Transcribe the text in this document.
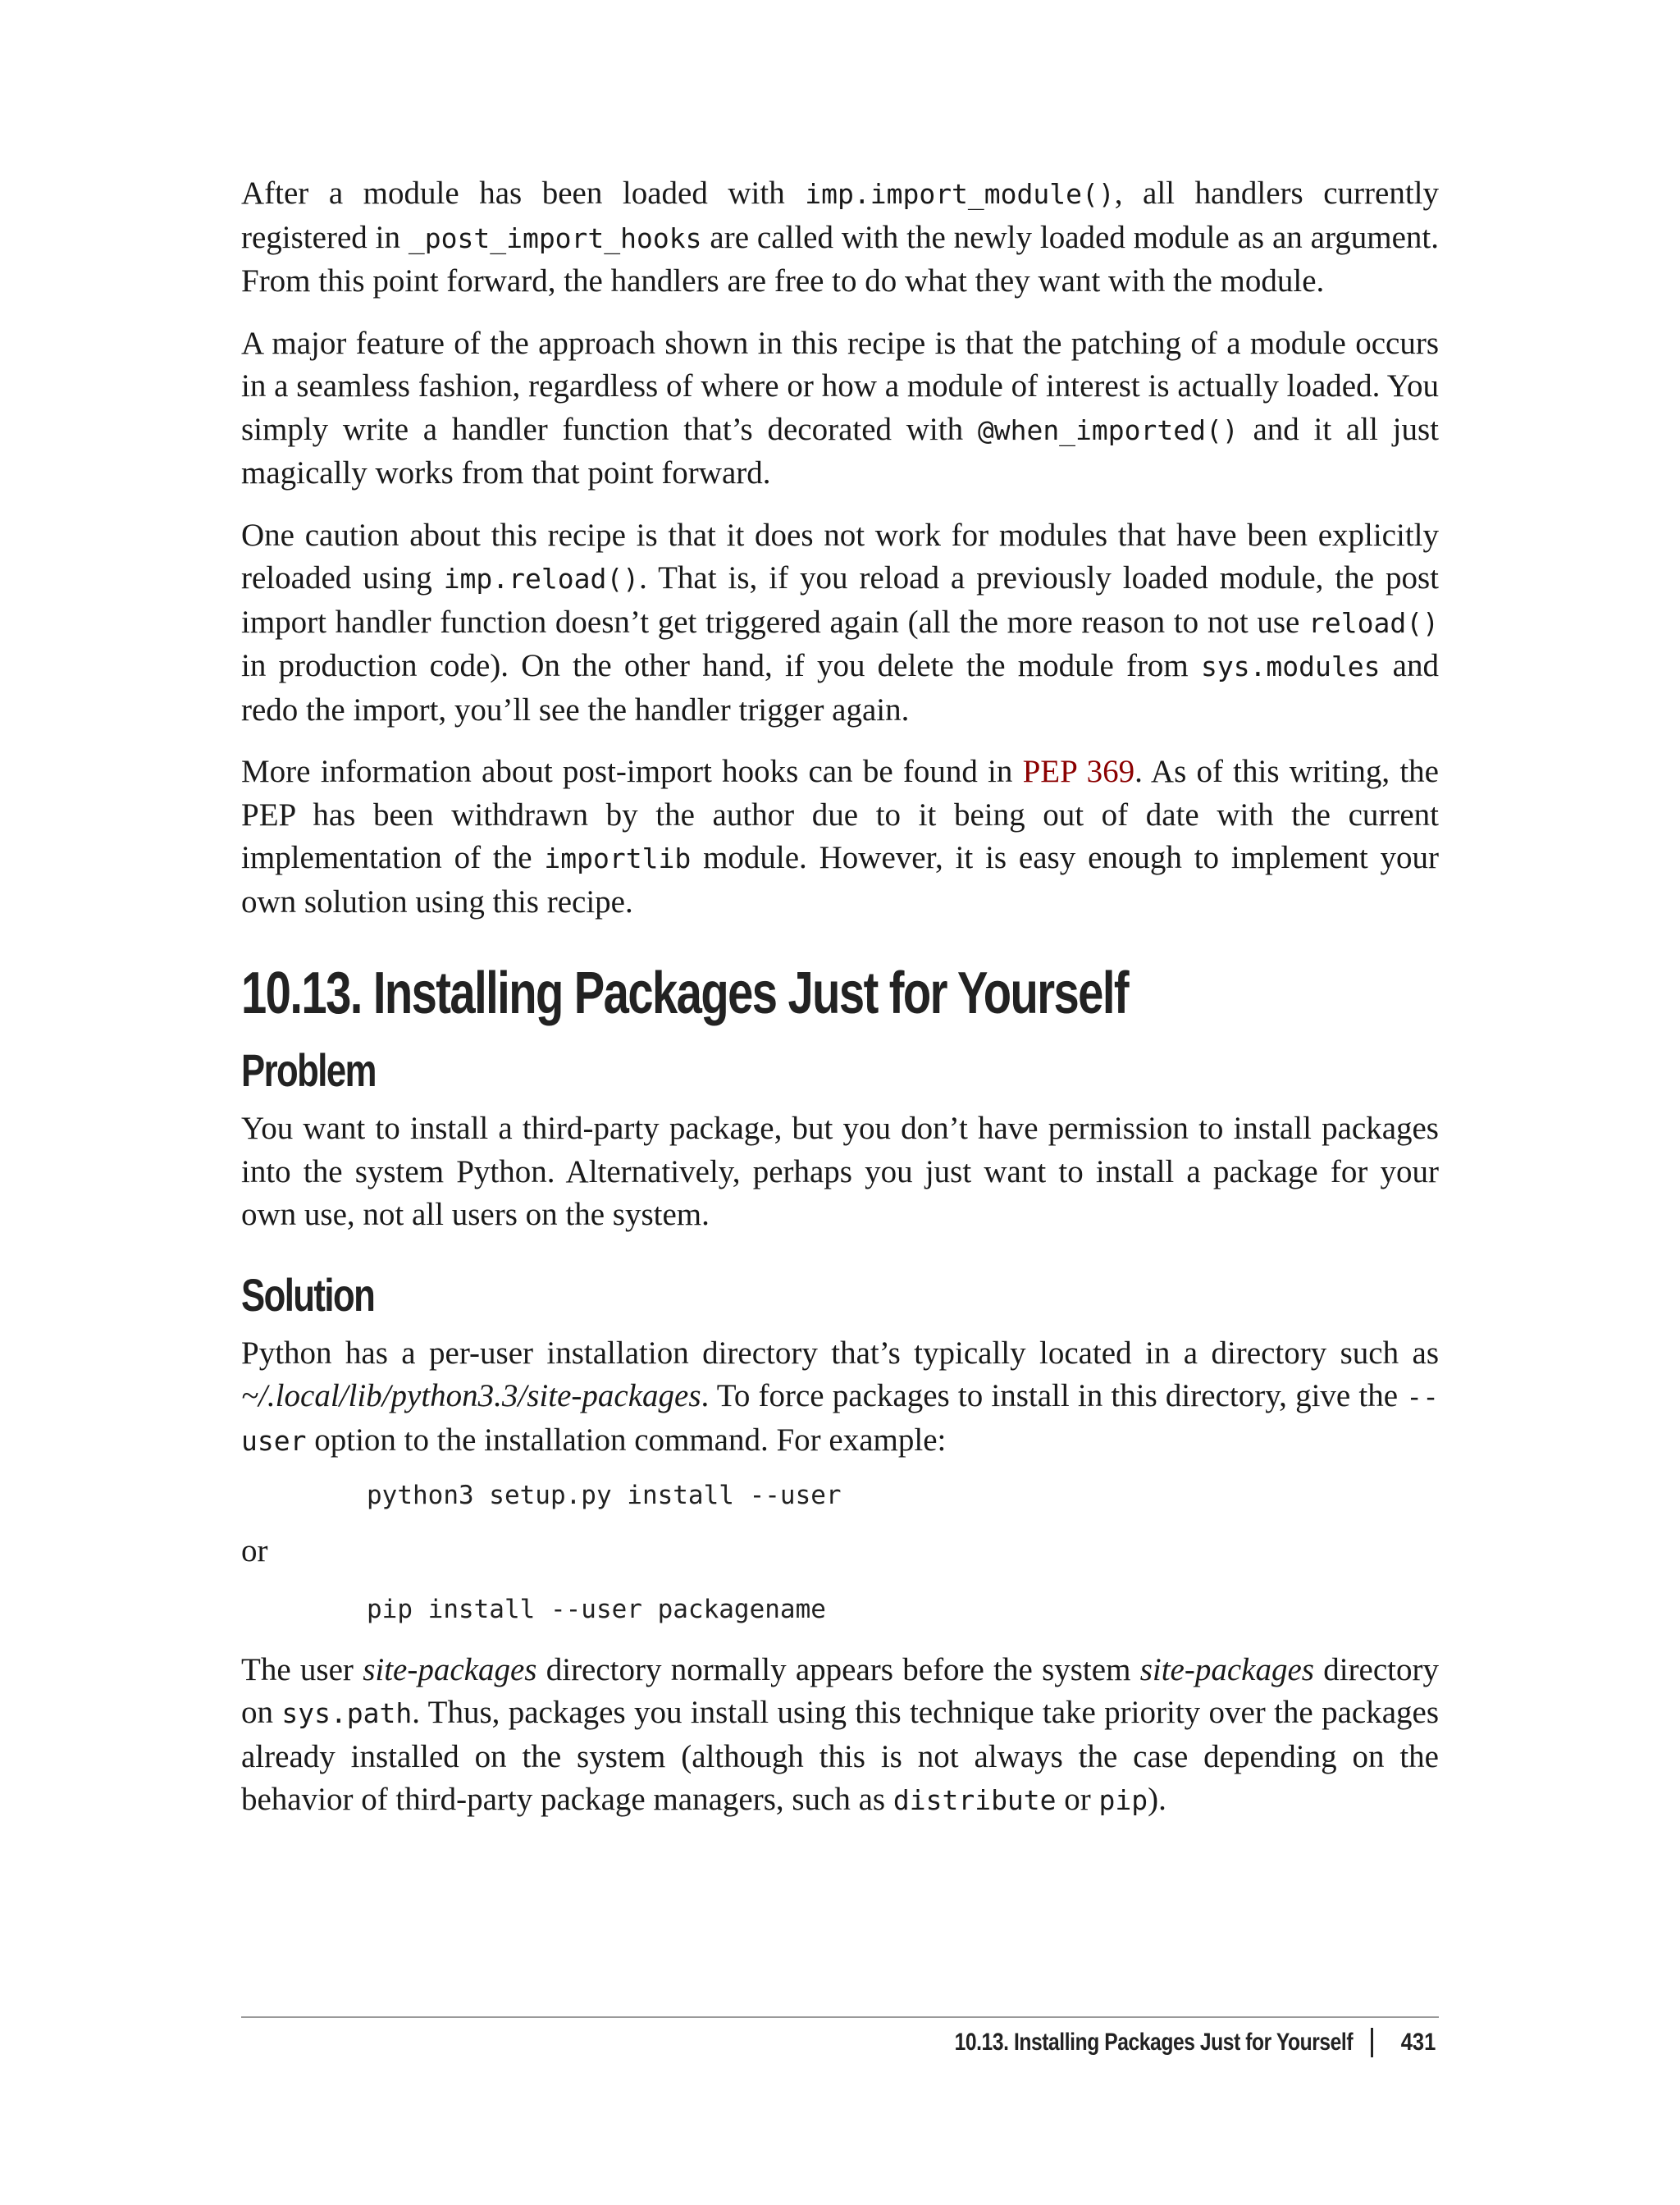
After a module has been loaded with imp.import_module(), all handlers currently registered in _post_import_hooks are called with the newly loaded module as an argument. From this point forward, the handlers are free to do what they want with the module.

A major feature of the approach shown in this recipe is that the patching of a module occurs in a seamless fashion, regardless of where or how a module of interest is actually loaded. You simply write a handler function that’s decorated with @when_imported() and it all just magically works from that point forward.

One caution about this recipe is that it does not work for modules that have been explicitly reloaded using imp.reload(). That is, if you reload a previously loaded module, the post import handler function doesn’t get triggered again (all the more reason to not use reload() in production code). On the other hand, if you delete the module from sys.modules and redo the import, you’ll see the handler trigger again.

More information about post-import hooks can be found in PEP 369. As of this writing, the PEP has been withdrawn by the author due to it being out of date with the current implementation of the importlib module. However, it is easy enough to implement your own solution using this recipe.

10.13. Installing Packages Just for Yourself
Problem

You want to install a third-party package, but you don’t have permission to install packages into the system Python. Alternatively, perhaps you just want to install a package for your own use, not all users on the system.

Solution

Python has a per-user installation directory that’s typically located in a directory such as ~/.local/lib/python3.3/site-packages. To force packages to install in this directory, give the --user option to the installation command. For example:

python3 setup.py install --user

or

pip install --user packagename

The user site-packages directory normally appears before the system site-packages directory on sys.path. Thus, packages you install using this technique take priority over the packages already installed on the system (although this is not always the case depending on the behavior of third-party package managers, such as distribute or pip).

10.13. Installing Packages Just for Yourself 431
